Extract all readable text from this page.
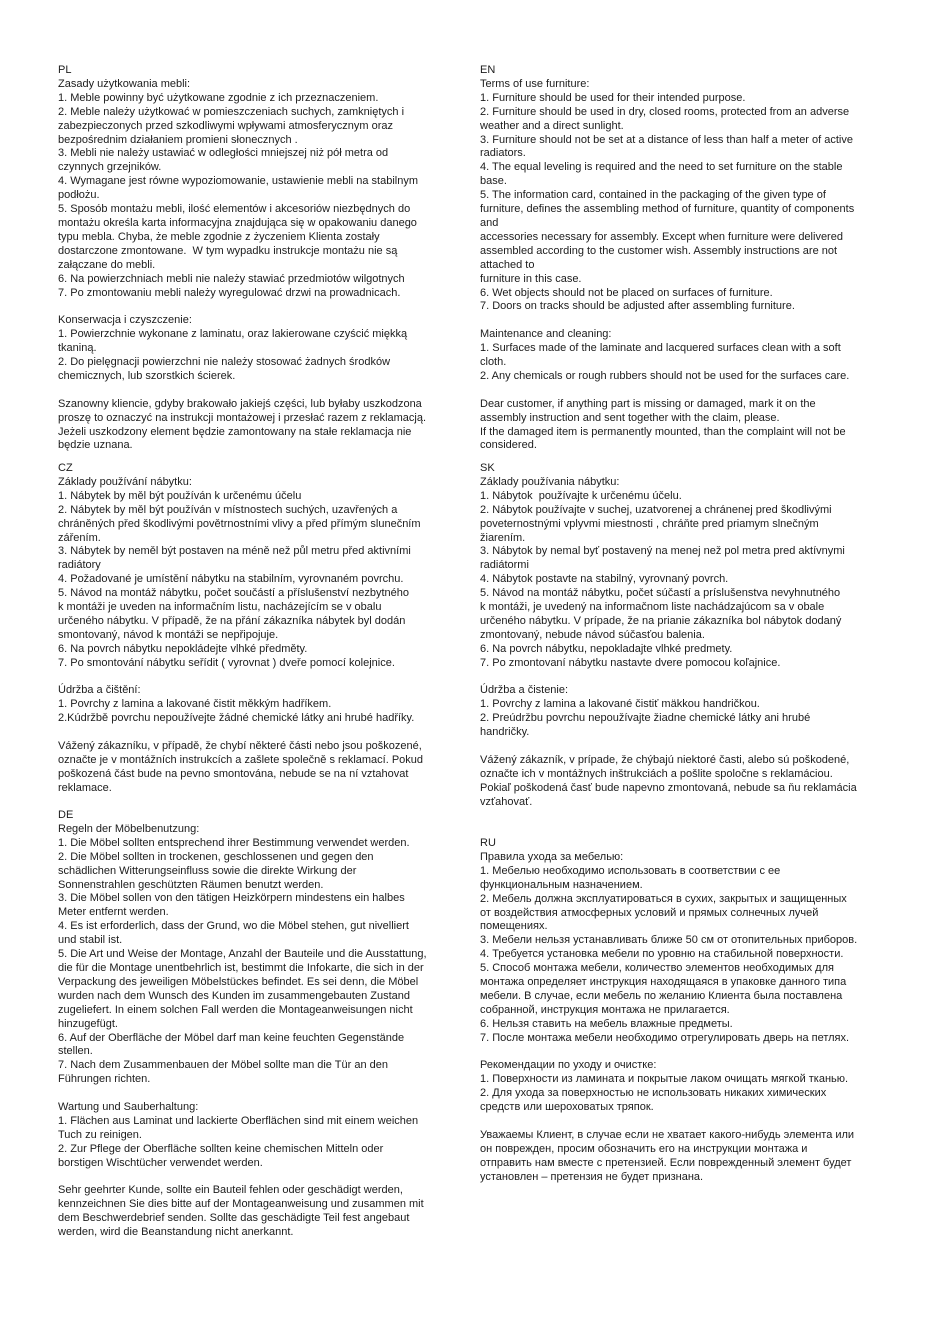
PL
Zasady użytkowania mebli:
1. Meble powinny być użytkowane zgodnie z ich przeznaczeniem.
2. Meble należy użytkować w pomieszczeniach suchych, zamkniętych i
zabezpieczonych przed szkodliwymi wpływami atmosferycznym oraz
bezpośrednim działaniem promieni słonecznych .
3. Mebli nie należy ustawiać w odległości mniejszej niż pół metra od
czynnych grzejników.
4. Wymagane jest równe wypoziomowanie, ustawienie mebli na stabilnym
podłożu.
5. Sposób montażu mebli, ilość elementów i akcesoriów niezbędnych do
montażu określa karta informacyjna znajdująca się w opakowaniu danego
typu mebla. Chyba, że meble zgodnie z życzeniem Klienta zostały
dostarczone zmontowane.  W tym wypadku instrukcje montażu nie są
załączane do mebli.
6. Na powierzchniach mebli nie należy stawiać przedmiotów wilgotnych
7. Po zmontowaniu mebli należy wyregulować drzwi na prowadnicach.
Konserwacja i czyszczenie:
1. Powierzchnie wykonane z laminatu, oraz lakierowane czyścić miękką
tkaniną.
2. Do pielęgnacji powierzchni nie należy stosować żadnych środków
chemicznych, lub szorstkich ścierek.
Szanowny kliencie, gdyby brakowało jakiejś części, lub byłaby uszkodzona
proszę to oznaczyć na instrukcji montażowej i przesłać razem z reklamacją.
Jeżeli uszkodzony element będzie zamontowany na stałe reklamacja nie
będzie uznana.
CZ
Základy používání nábytku:
1. Nábytek by měl být používán k určenému účelu
2. Nábytek by měl být používán v místnostech suchých, uzavřených a
chráněných před škodlivými povětrnostními vlivy a před přímým slunečním
zářením.
3. Nábytek by neměl být postaven na méně než půl metru před aktivními
radiátory
4. Požadované je umístění nábytku na stabilním, vyrovnaném povrchu.
5. Návod na montáž nábytku, počet součástí a příslušenství nezbytného
k montáži je uveden na informačním listu, nacházejícím se v obalu
určeného nábytku. V případě, že na přání zákazníka nábytek byl dodán
smontovaný, návod k montáži se nepřipojuje.
6. Na povrch nábytku nepokládejte vlhké předměty.
7. Po smontování nábytku seřídit ( vyrovnat ) dveře pomocí kolejnice.
Údržba a čištění:
1. Povrchy z lamina a lakované čistit měkkým hadříkem.
2.Kúdržbě povrchu nepoužívejte žádné chemické látky ani hrubé hadříky.
Vážený zákazníku, v případě, že chybí některé části nebo jsou poškozené,
označte je v montážních instrukcích a zašlete společně s reklamací. Pokud
poškozená část bude na pevno smontována, nebude se na ní vztahovat
reklamace.
DE
Regeln der Möbelbenutzung:
1. Die Möbel sollten entsprechend ihrer Bestimmung verwendet werden.
2. Die Möbel sollten in trockenen, geschlossenen und gegen den
schädlichen Witterungseinfluss sowie die direkte Wirkung der
Sonnenstrahlen geschützten Räumen benutzt werden.
3. Die Möbel sollen von den tätigen Heizkörpern mindestens ein halbes
Meter entfernt werden.
4. Es ist erforderlich, dass der Grund, wo die Möbel stehen, gut nivelliert
und stabil ist.
5. Die Art und Weise der Montage, Anzahl der Bauteile und die Ausstattung,
die für die Montage unentbehrlich ist, bestimmt die Infokarte, die sich in der
Verpackung des jeweiligen Möbelstückes befindet. Es sei denn, die Möbel
wurden nach dem Wunsch des Kunden im zusammengebauten Zustand
zugeliefert. In einem solchen Fall werden die Montageanweisungen nicht
hinzugefügt.
6. Auf der Oberfläche der Möbel darf man keine feuchten Gegenstände
stellen.
7. Nach dem Zusammenbauen der Möbel sollte man die Tür an den
Führungen richten.
Wartung und Sauberhaltung:
1. Flächen aus Laminat und lackierte Oberflächen sind mit einem weichen
Tuch zu reinigen.
2. Zur Pflege der Oberfläche sollten keine chemischen Mitteln oder
borstigen Wischtücher verwendet werden.
Sehr geehrter Kunde, sollte ein Bauteil fehlen oder geschädigt werden,
kennzeichnen Sie dies bitte auf der Montageanweisung und zusammen mit
dem Beschwerdebrief senden. Sollte das geschädigte Teil fest angebaut
werden, wird die Beanstandung nicht anerkannt.
EN
Terms of use furniture:
1. Furniture should be used for their intended purpose.
2. Furniture should be used in dry, closed rooms, protected from an adverse
weather and a direct sunlight.
3. Furniture should not be set at a distance of less than half a meter of active
radiators.
4. The equal leveling is required and the need to set furniture on the stable
base.
5. The information card, contained in the packaging of the given type of
furniture, defines the assembling method of furniture, quantity of components
and
accessories necessary for assembly. Except when furniture were delivered
assembled according to the customer wish. Assembly instructions are not
attached to
furniture in this case.
6. Wet objects should not be placed on surfaces of furniture.
7. Doors on tracks should be adjusted after assembling furniture.
Maintenance and cleaning:
1. Surfaces made of the laminate and lacquered surfaces clean with a soft
cloth.
2. Any chemicals or rough rubbers should not be used for the surfaces care.
Dear customer, if anything part is missing or damaged, mark it on the
assembly instruction and sent together with the claim, please.
If the damaged item is permanently mounted, than the complaint will not be
considered.
SK
Základy používania nábytku:
1. Nábytok  používajte k určenému účelu.
2. Nábytok používajte v suchej, uzatvorenej a chránenej pred škodlivými
poveternostnými vplyvmi miestnosti , chráňte pred priamym slnečným
žiarením.
3. Nábytok by nemal byť postavený na menej než pol metra pred aktívnymi
radiátormi
4. Nábytok postavte na stabilný, vyrovnaný povrch.
5. Návod na montáž nábytku, počet súčastí a príslušenstva nevyhnutného
k montáži, je uvedený na informačnom liste nachádzajúcom sa v obale
určeného nábytku. V prípade, že na prianie zákazníka bol nábytok dodaný
zmontovaný, nebude návod súčasťou balenia.
6. Na povrch nábytku, nepokladajte vlhké predmety.
7. Po zmontovaní nábytku nastavte dvere pomocou koľajnice.
Údržba a čistenie:
1. Povrchy z lamina a lakované čistiť mäkkou handričkou.
2. Preúdržbu povrchu nepoužívajte žiadne chemické látky ani hrubé
handričky.
Vážený zákazník, v prípade, že chýbajú niektoré časti, alebo sú poškodené,
označte ich v montážnych inštrukciách a pošlite spoločne s reklamáciou.
Pokiaľ poškodená časť bude napevno zmontovaná, nebude sa ňu reklamácia
vzťahovať.
RU
Правила ухода за мебелью:
1. Мебелью необходимо использовать в соответствии с ее
функциональным назначением.
2. Мебель должна эксплуатироваться в сухих, закрытых и защищенных
от воздействия атмосферных условий и прямых солнечных лучей
помещениях.
3. Мебели нельзя устанавливать ближе 50 см от отопительных приборов.
4. Требуется установка мебели по уровню на стабильной поверхности.
5. Способ монтажа мебели, количество элементов необходимых для
монтажа определяет инструкция находящаяся в упаковке данного типа
мебели. В случае, если мебель по желанию Клиента была поставлена
собранной, инструкция монтажа не прилагается.
6. Нельзя ставить на мебель влажные предметы.
7. После монтажа мебели необходимо отрегулировать дверь на петлях.
Рекомендации по уходу и очистке:
1. Поверхности из ламината и покрытые лаком очищать мягкой тканью.
2. Для ухода за поверхностью не использовать никаких химических
средств или шероховатых тряпок.
Уважаемы Клиент, в случае если не хватает какого-нибудь элемента или
он поврежден, просим обозначить его на инструкции монтажа и
отправить нам вместе с претензией. Если поврежденный элемент будет
установлен – претензия не будет признана.
